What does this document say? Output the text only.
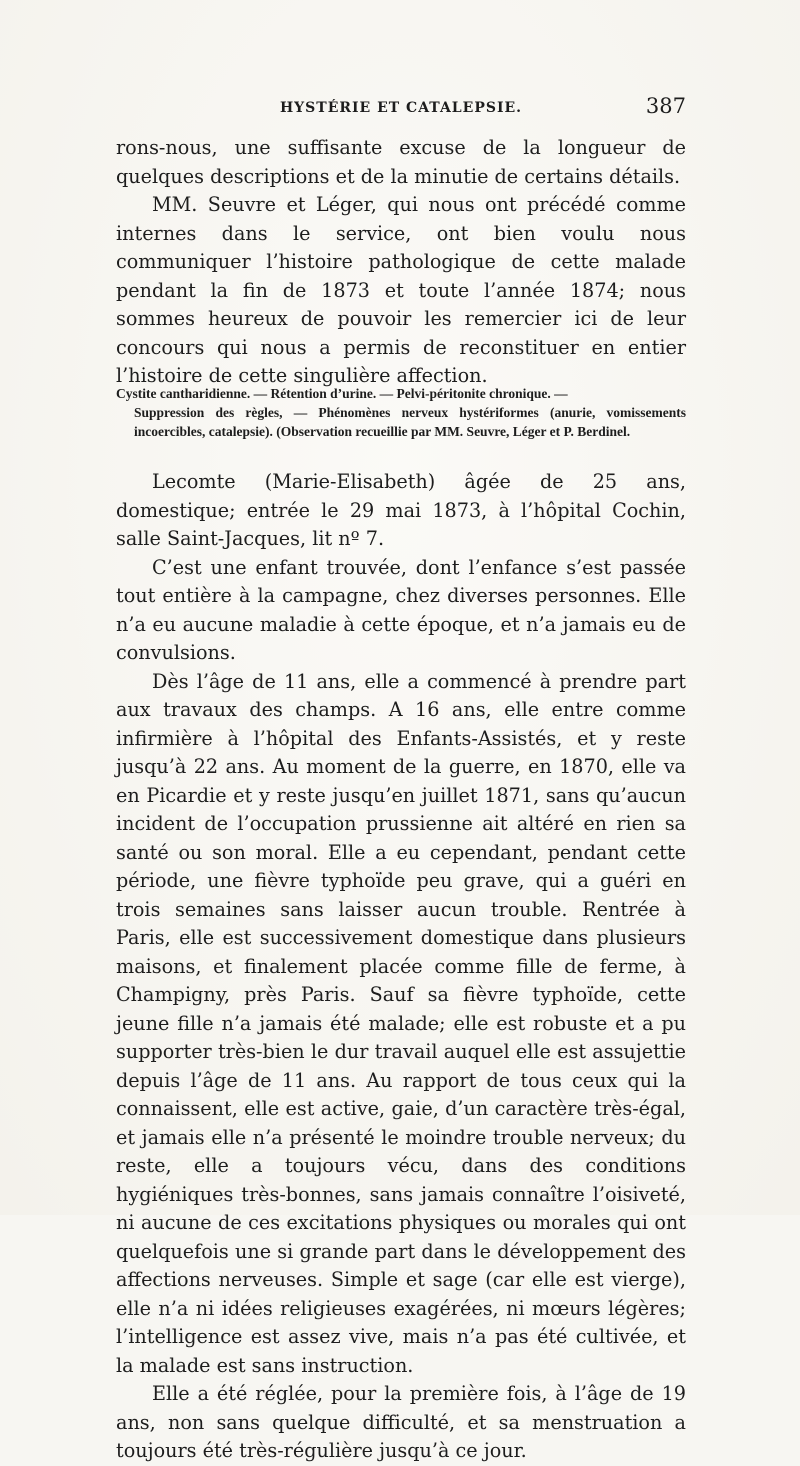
HYSTÉRIE ET CATALEPSIE.	387

rons-nous, une suffisante excuse de la longueur de quelques descriptions et de la minutie de certains détails.

MM. Seuvre et Léger, qui nous ont précédé comme internes dans le service, ont bien voulu nous communiquer l’histoire pathologique de cette malade pendant la fin de 1873 et toute l’année 1874; nous sommes heureux de pouvoir les remercier ici de leur concours qui nous a permis de reconstituer en entier l’histoire de cette singulière affection.

Cystite cantharidienne. — Rétention d’urine. — Pelvi-péritonite chronique. —
Suppression des règles, — Phénomènes nerveux hystériformes (anurie, vomissements incoercibles, catalepsie). (Observation recueillie par MM. Seuvre, Léger et P. Berdinel.

Lecomte (Marie-Elisabeth) âgée de 25 ans, domestique; entrée le 29 mai 1873, à l’hôpital Cochin, salle Saint-Jacques, lit nº 7.

C’est une enfant trouvée, dont l’enfance s’est passée tout entière à la campagne, chez diverses personnes. Elle n’a eu aucune maladie à cette époque, et n’a jamais eu de convulsions.

Dès l’âge de 11 ans, elle a commencé à prendre part aux travaux des champs. A 16 ans, elle entre comme infirmière à l’hôpital des Enfants-Assistés, et y reste jusqu’à 22 ans. Au moment de la guerre, en 1870, elle va en Picardie et y reste jusqu’en juillet 1871, sans qu’aucun incident de l’occupation prussienne ait altéré en rien sa santé ou son moral. Elle a eu cependant, pendant cette période, une fièvre typhoïde peu grave, qui a guéri en trois semaines sans laisser aucun trouble. Rentrée à Paris, elle est successivement domestique dans plusieurs maisons, et finalement placée comme fille de ferme, à Champigny, près Paris. Sauf sa fièvre typhoïde, cette jeune fille n’a jamais été malade; elle est robuste et a pu supporter très-bien le dur travail auquel elle est assujettie depuis l’âge de 11 ans. Au rapport de tous ceux qui la connaissent, elle est active, gaie, d’un caractère très-égal, et jamais elle n’a présenté le moindre trouble nerveux; du reste, elle a toujours vécu, dans des conditions hygiéniques très-bonnes, sans jamais connaître l’oisiveté, ni aucune de ces excitations physiques ou morales qui ont quelquefois une si grande part dans le développement des affections nerveuses. Simple et sage (car elle est vierge), elle n’a ni idées religieuses exagérées, ni mœurs légères; l’intelligence est assez vive, mais n’a pas été cultivée, et la malade est sans instruction.

Elle a été réglée, pour la première fois, à l’âge de 19 ans, non sans quelque difficulté, et sa menstruation a toujours été très-régulière jusqu’à ce jour.
